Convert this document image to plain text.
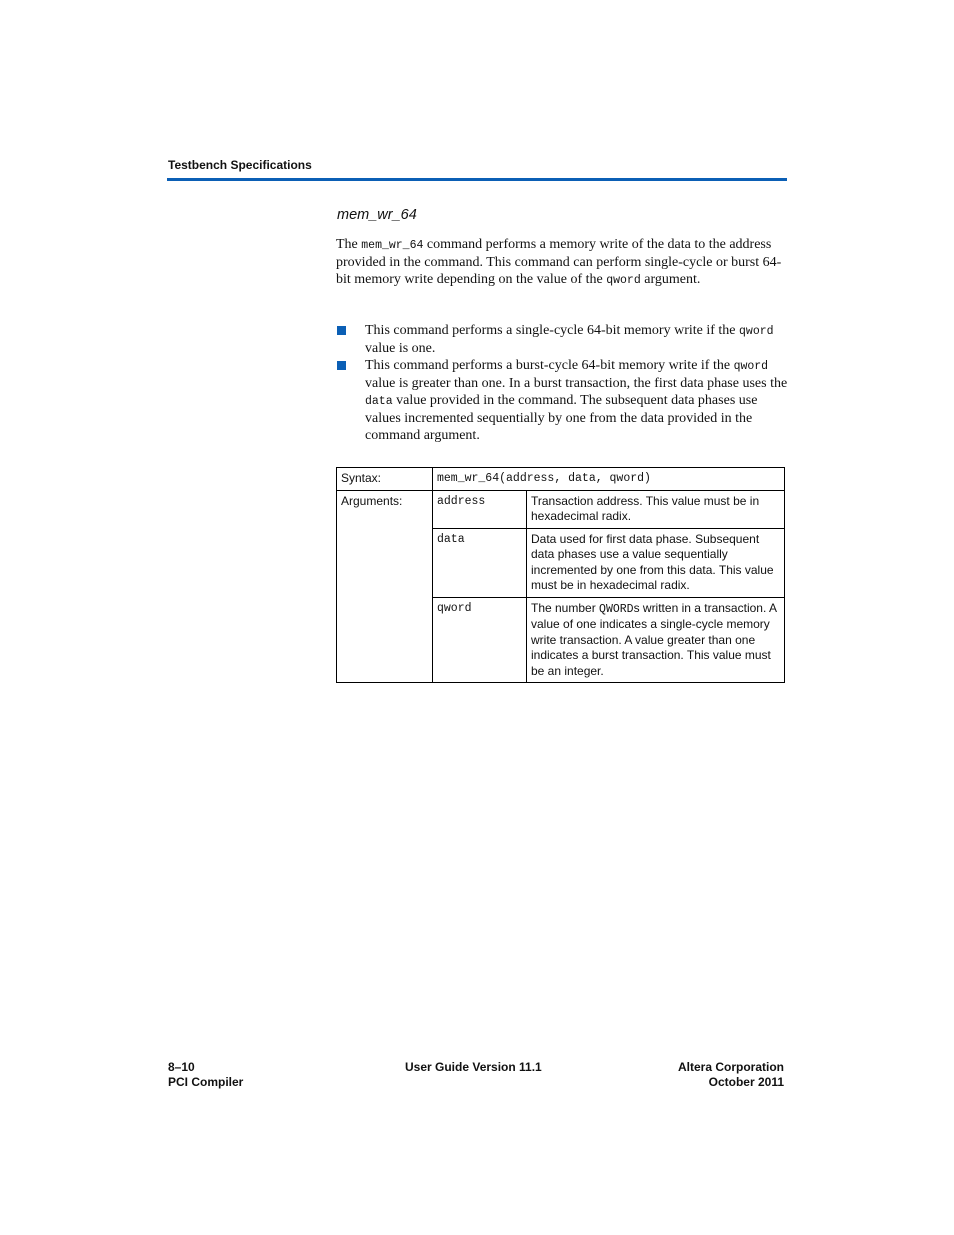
Testbench Specifications
mem_wr_64

The mem_wr_64 command performs a memory write of the data to the address provided in the command. This command can perform single-cycle or burst 64-bit memory write depending on the value of the qword argument.

This command performs a single-cycle 64-bit memory write if the qword value is one.
This command performs a burst-cycle 64-bit memory write if the qword value is greater than one. In a burst transaction, the first data phase uses the data value provided in the command. The subsequent data phases use values incremented sequentially by one from the data provided in the command argument.
Syntax:	mem_wr_64(address, data, qword)	
Arguments:	address	Transaction address. This value must be in hexadecimal radix.
	data	Data used for first data phase. Subsequent data phases use a value sequentially incremented by one from this data. This value must be in hexadecimal radix.
	qword	The number QWORDs written in a transaction. A value of one indicates a single-cycle memory write transaction. A value greater than one indicates a burst transaction. This value must be an integer.
8–10
PCI Compiler
User Guide Version 11.1	Altera Corporation
October 2011
